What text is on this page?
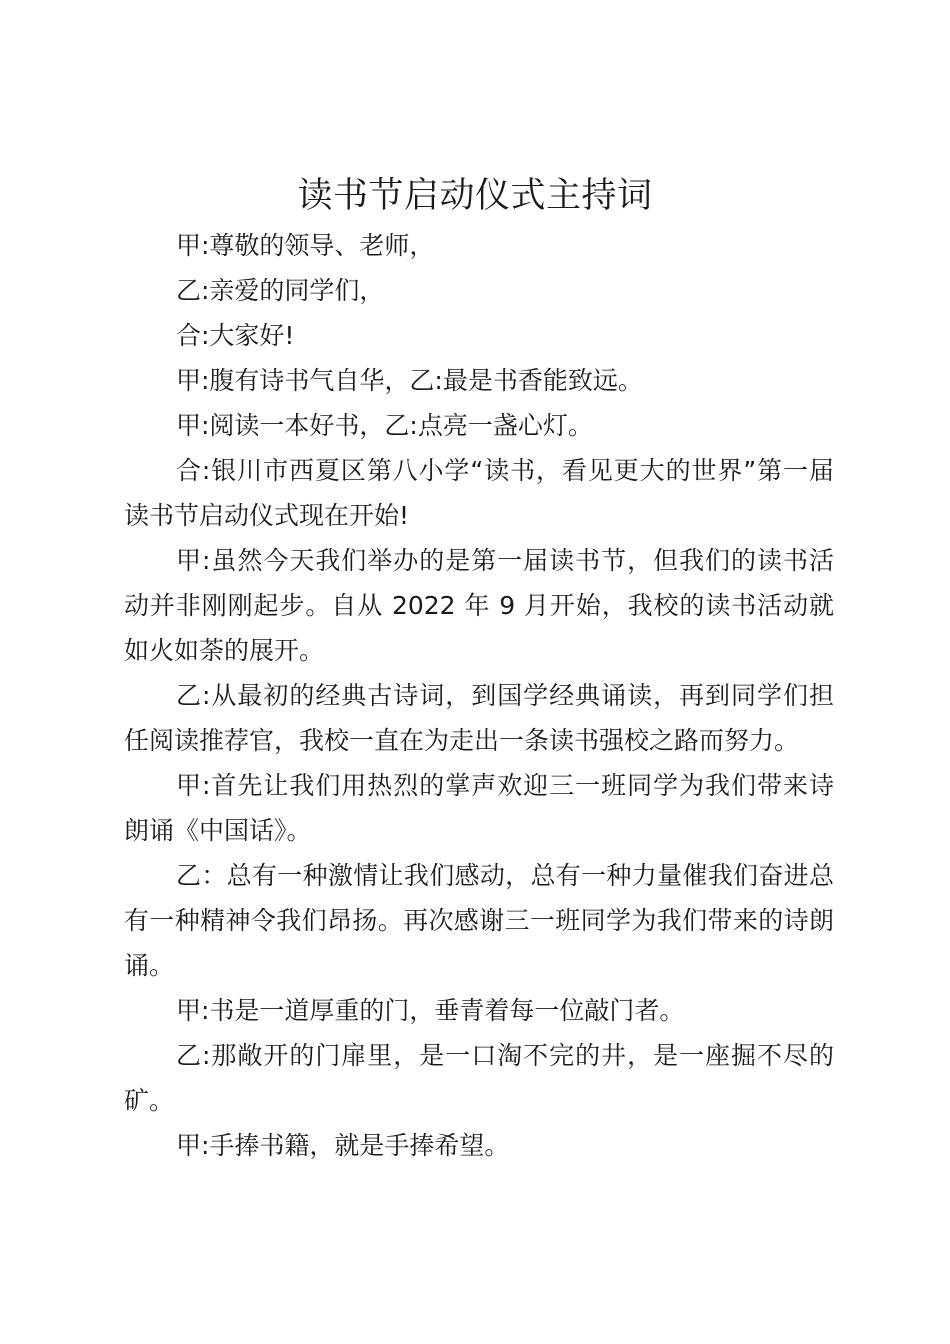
读书节启动仪式主持词

甲:尊敬的领导、老师，

乙:亲爱的同学们，

合:大家好!

甲:腹有诗书气自华，乙:最是书香能致远。

甲:阅读一本好书，乙:点亮一盏心灯。

合:银川市西夏区第八小学“读书，看见更大的世界”第一届读书节启动仪式现在开始!

甲:虽然今天我们举办的是第一届读书节，但我们的读书活动并非刚刚起步。自从 2022 年 9 月开始，我校的读书活动就如火如荼的展开。

乙:从最初的经典古诗词，到国学经典诵读，再到同学们担任阅读推荐官，我校一直在为走出一条读书强校之路而努力。

甲:首先让我们用热烈的掌声欢迎三一班同学为我们带来诗朗诵《中国话》。

乙：总有一种激情让我们感动，总有一种力量催我们奋进总有一种精神令我们昂扬。再次感谢三一班同学为我们带来的诗朗诵。

甲:书是一道厚重的门，垂青着每一位敲门者。

乙:那敞开的门扉里，是一口淘不完的井，是一座掘不尽的矿。

甲:手捧书籍，就是手捧希望。
